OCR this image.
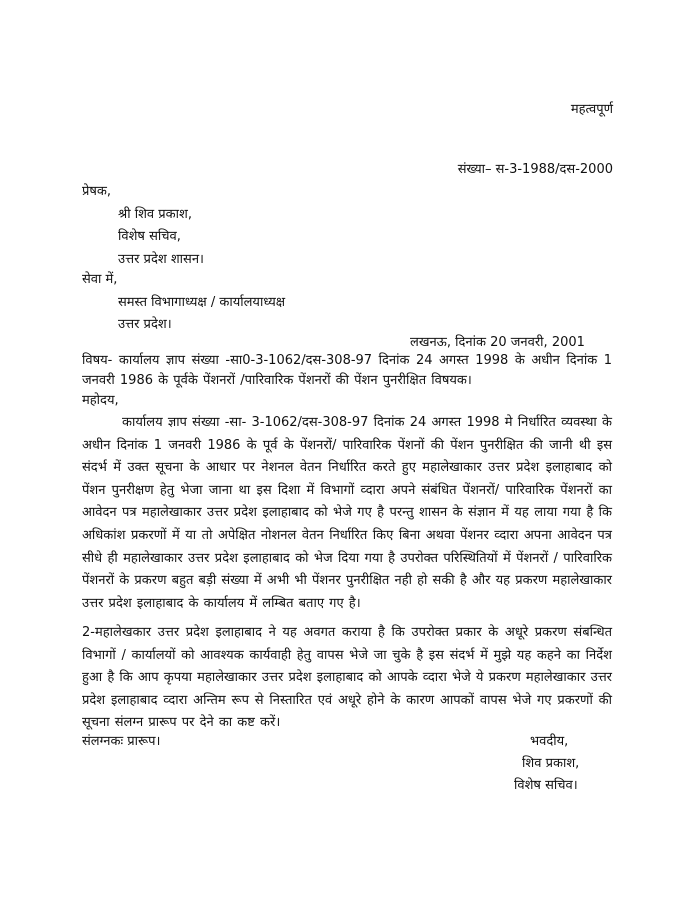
महत्वपूर्ण
संख्या– स-3-1988/दस-2000
प्रेषक,
श्री शिव प्रकाश,
विशेष सचिव,
उत्तर प्रदेश शासन।
सेवा में,
समस्त विभागाध्यक्ष / कार्यालयाध्यक्ष
उत्तर प्रदेश।
लखनऊ, दिनांक 20 जनवरी, 2001
विषय- कार्यालय ज्ञाप संख्या -सा0-3-1062/दस-308-97 दिनांक 24 अगस्त 1998 के अधीन दिनांक 1 जनवरी 1986 के पूर्वके पेंशनरों /पारिवारिक पेंशनरों की पेंशन पुनरीक्षित विषयक।
महोदय,
कार्यालय ज्ञाप संख्या -सा- 3-1062/दस-308-97 दिनांक 24 अगस्त 1998 मे निर्धारित व्यवस्था के अधीन दिनांक 1 जनवरी 1986 के पूर्व के पेंशनरों/ पारिवारिक पेंशनों की पेंशन पुनरीक्षित की जानी थी इस संदर्भ में उक्त सूचना के आधार पर नेशनल वेतन निर्धारित करते हुए महालेखाकार उत्तर प्रदेश इलाहाबाद को पेंशन पुनरीक्षण हेतु भेजा जाना था इस दिशा में विभागों व्दारा अपने संबंधित पेंशनरों/ पारिवारिक पेंशनरों का आवेदन पत्र महालेखाकार उत्तर प्रदेश इलाहाबाद को भेजे गए है परन्तु शासन के संज्ञान में यह लाया गया है कि अधिकांश प्रकरणों में या तो अपेक्षित नोशनल वेतन निर्धारित किए बिना अथवा पेंशनर व्दारा अपना आवेदन पत्र सीधे ही महालेखाकार उत्तर प्रदेश इलाहाबाद को भेज दिया गया है उपरोक्त परिस्थितियों में पेंशनरों / पारिवारिक पेंशनरों के प्रकरण बहुत बड़ी संख्या में अभी भी पेंशनर पुनरीक्षित नही हो सकी है और यह प्रकरण महालेखाकार उत्तर प्रदेश इलाहाबाद के कार्यालय में लम्बित बताए गए है।
2-महालेखकार उत्तर प्रदेश इलाहाबाद ने यह अवगत कराया है कि उपरोक्त प्रकार के अधूरे प्रकरण संबन्धित विभागों / कार्यालयों को आवश्यक कार्यवाही हेतु वापस भेजे जा चुके है इस संदर्भ में मुझे यह कहने का निर्देश हुआ है कि आप कृपया महालेखाकार उत्तर प्रदेश इलाहाबाद को आपके व्दारा भेजे ये प्रकरण महालेखाकार उत्तर प्रदेश इलाहाबाद व्दारा अन्तिम रूप से निस्तारित एवं अधूरे होने के कारण आपकों वापस भेजे गए प्रकरणों की सूचना संलग्न प्रारूप पर देने का कष्ट करें।
संलग्नकः प्रारूप।	भवदीय,
शिव प्रकाश,
विशेष सचिव।
